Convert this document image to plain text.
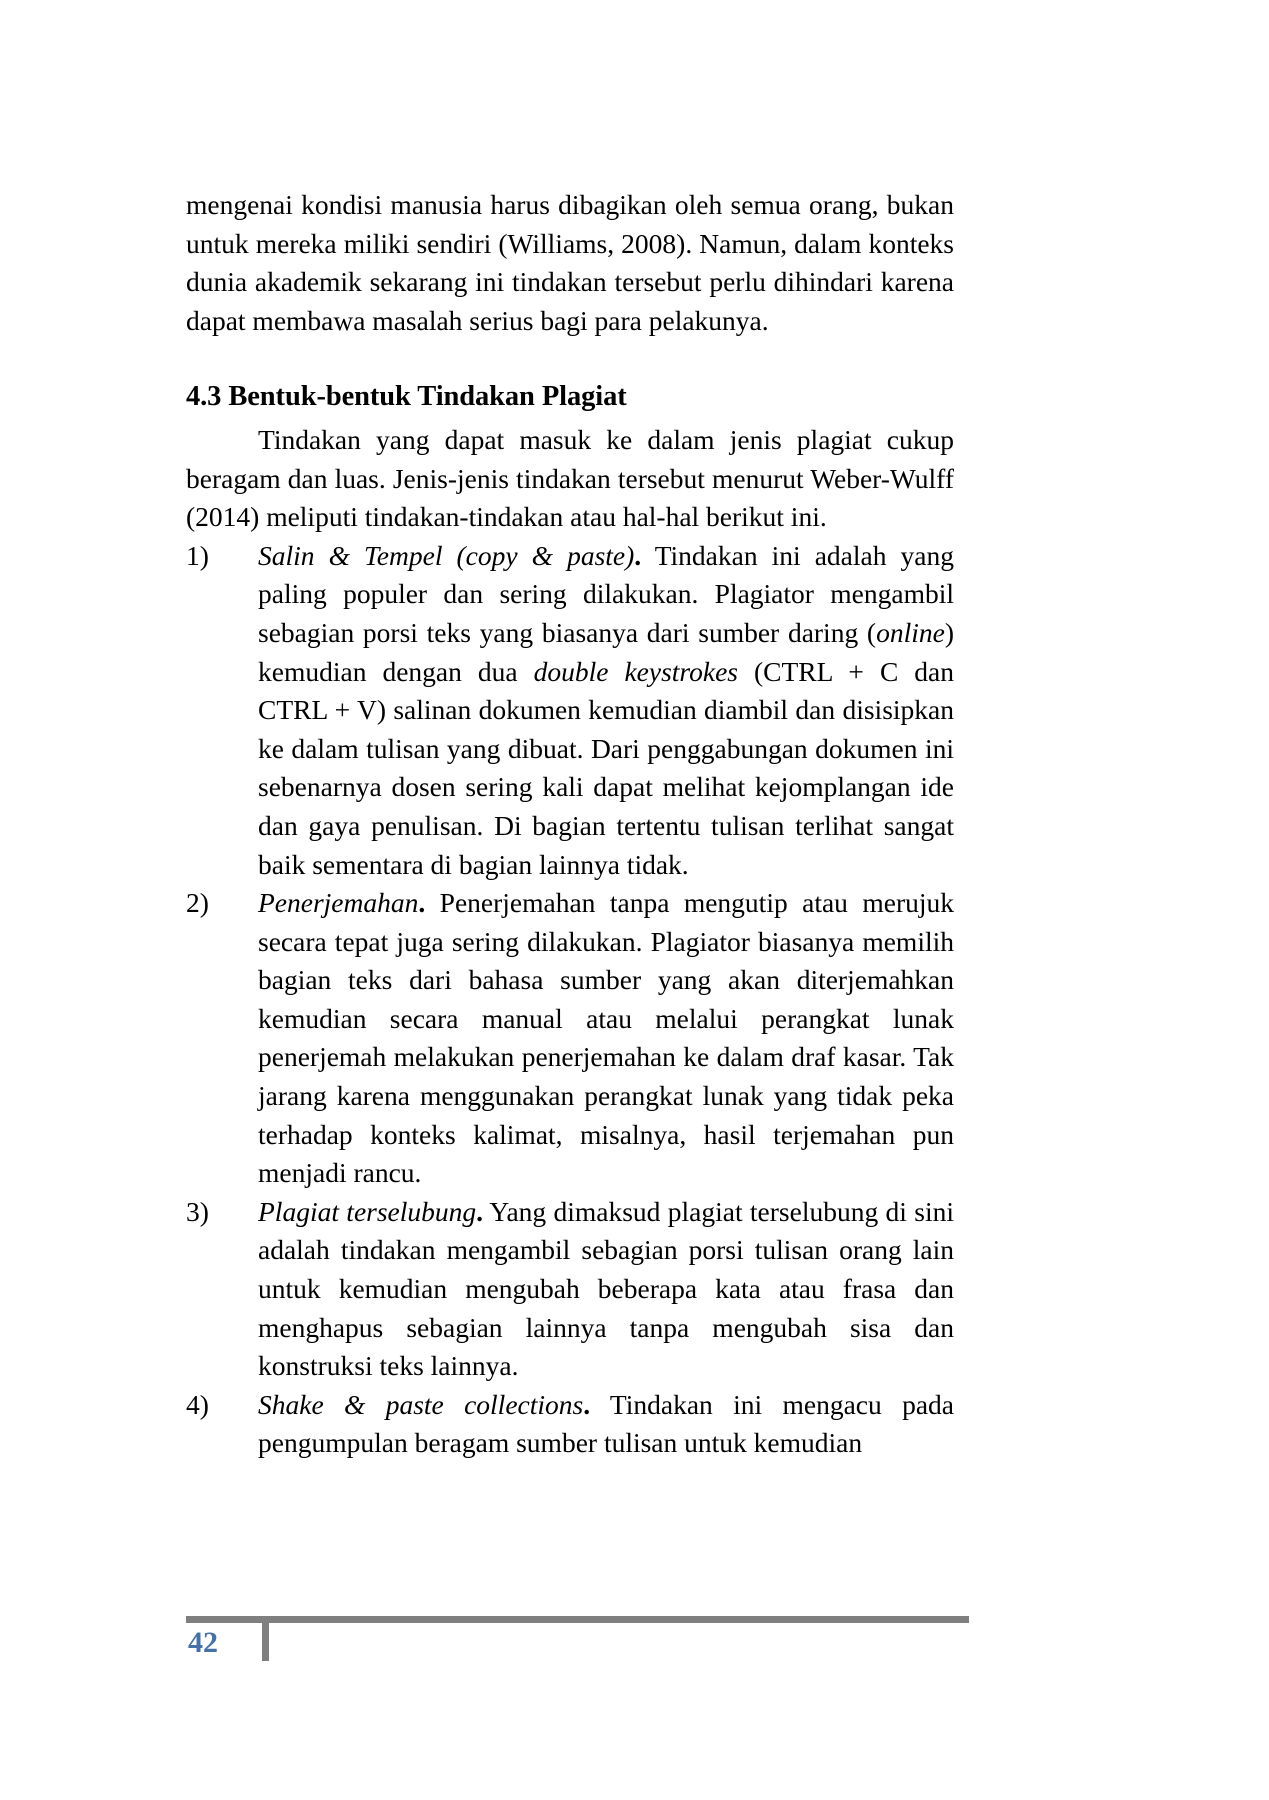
mengenai kondisi manusia harus dibagikan oleh semua orang, bukan untuk mereka miliki sendiri (Williams, 2008). Namun, dalam konteks dunia akademik sekarang ini tindakan tersebut perlu dihindari karena dapat membawa masalah serius bagi para pelakunya.

4.3 Bentuk-bentuk Tindakan Plagiat

Tindakan yang dapat masuk ke dalam jenis plagiat cukup beragam dan luas. Jenis-jenis tindakan tersebut menurut Weber-Wulff (2014) meliputi tindakan-tindakan atau hal-hal berikut ini.

1)	Salin & Tempel (copy & paste). Tindakan ini adalah yang paling populer dan sering dilakukan. Plagiator mengambil sebagian porsi teks yang biasanya dari sumber daring (online) kemudian dengan dua double keystrokes (CTRL + C dan CTRL + V) salinan dokumen kemudian diambil dan disisipkan ke dalam tulisan yang dibuat. Dari penggabungan dokumen ini sebenarnya dosen sering kali dapat melihat kejomplangan ide dan gaya penulisan. Di bagian tertentu tulisan terlihat sangat baik sementara di bagian lainnya tidak.
2)	Penerjemahan. Penerjemahan tanpa mengutip atau merujuk secara tepat juga sering dilakukan. Plagiator biasanya memilih bagian teks dari bahasa sumber yang akan diterjemahkan kemudian secara manual atau melalui perangkat lunak penerjemah melakukan penerjemahan ke dalam draf kasar. Tak jarang karena menggunakan perangkat lunak yang tidak peka terhadap konteks kalimat, misalnya, hasil terjemahan pun menjadi rancu.
3)	Plagiat terselubung. Yang dimaksud plagiat terselubung di sini adalah tindakan mengambil sebagian porsi tulisan orang lain untuk kemudian mengubah beberapa kata atau frasa dan menghapus sebagian lainnya tanpa mengubah sisa dan konstruksi teks lainnya.
4)	Shake & paste collections. Tindakan ini mengacu pada pengumpulan beragam sumber tulisan untuk kemudian
42
